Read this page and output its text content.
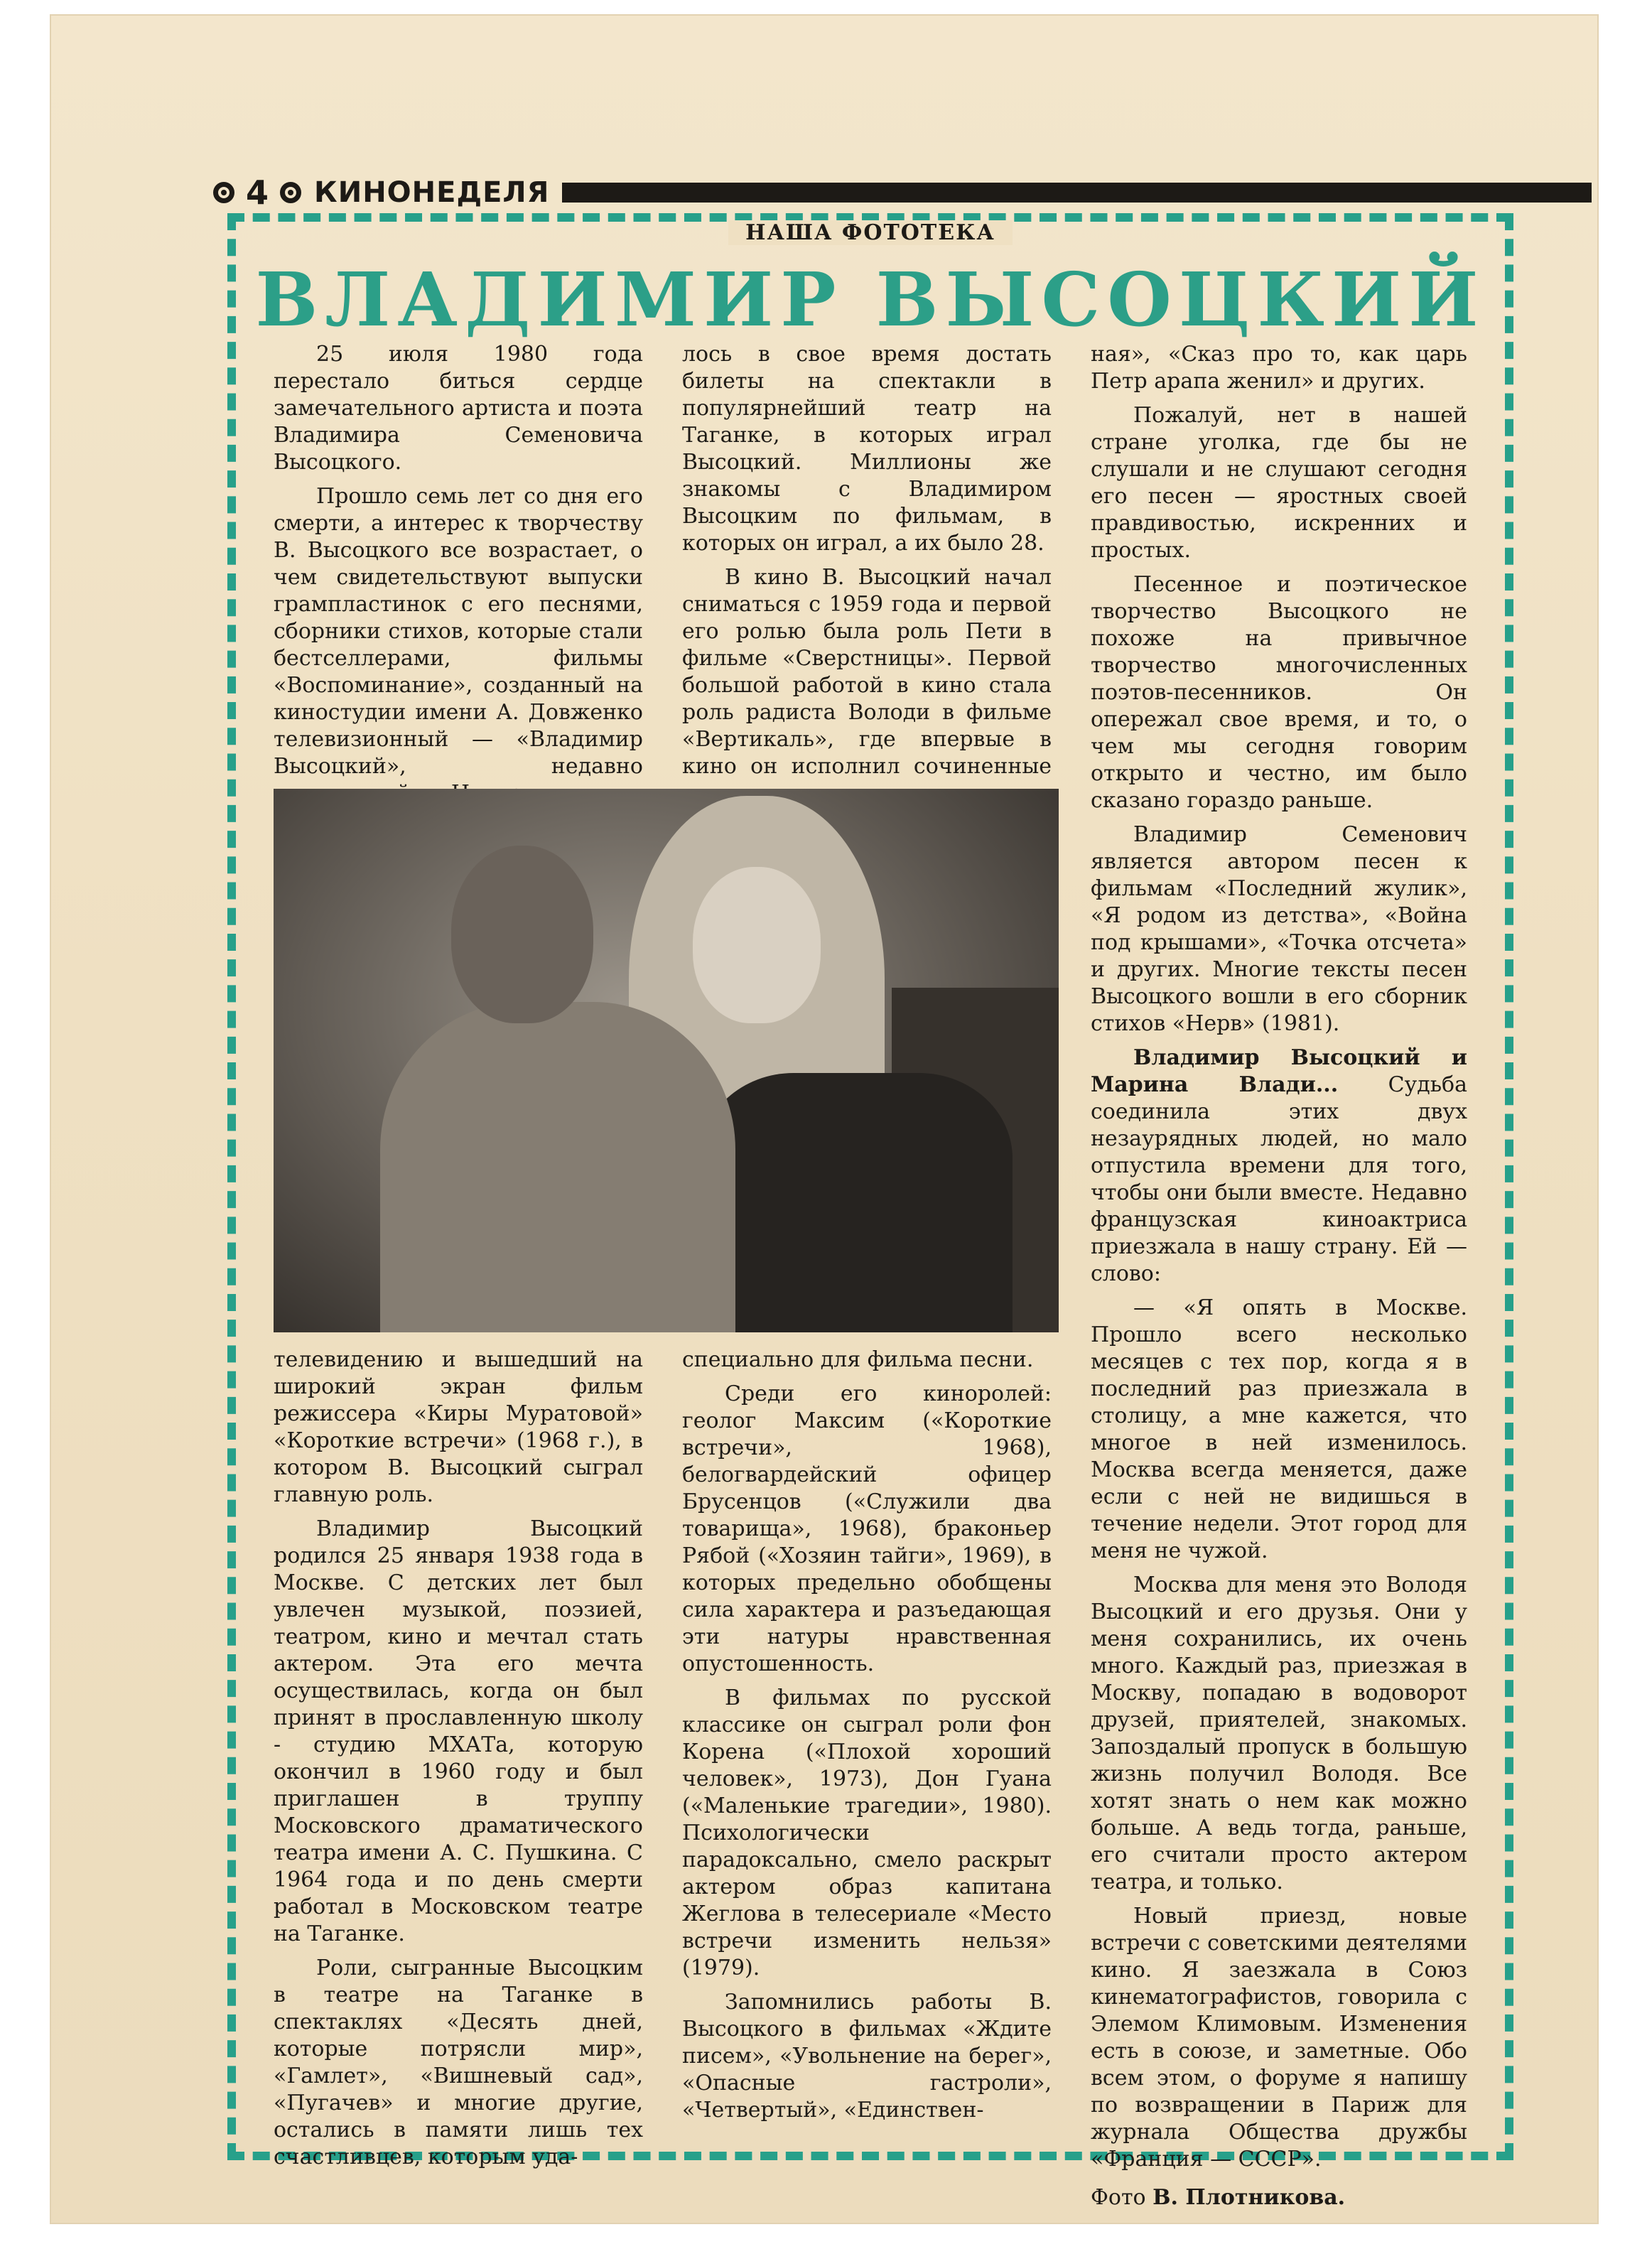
4 КИНОНЕДЕЛЯ
НАША ФОТОТЕКА
ВЛАДИМИР ВЫСОЦКИЙ

25 июля 1980 года перестало биться сердце замечательного артиста и поэта Владимира Семеновича Высоцкого.

Прошло семь лет со дня его смерти, а интерес к творчеству В. Высоцкого все возрастает, о чем свидетельствуют выпуски грампластинок с его песнями, сборники стихов, которые стали бестселлерами, фильмы «Воспоминание», созданный на киностудии имени А. Довженко телевизионный — «Владимир Высоцкий», недавно

лось в свое время достать билеты на спектакли в популярнейший театр на Таганке, в которых играл Высоцкий. Миллионы же знакомы с Владимиром Высоцким по фильмам, в которых он играл, а их было 28.

В кино В. Высоцкий начал сниматься с 1959 года и первой его ролью была роль Пети в фильме «Сверстницы». Первой большой работой в кино стала роль радиста Володи в фильме «Вертикаль», где впервые в кино он исполнил сочиненные

телевидению и вышедший на широкий экран фильм режиссера «Киры Муратовой» «Короткие встречи» (1968 г.), в котором В. Высоцкий сыграл главную роль.

Владимир Высоцкий родился 25 января 1938 года в Москве. С детских лет был увлечен музыкой, поэзией, театром, кино и мечтал стать актером. Эта его мечта осуществилась, когда он был принят в прославленную школу - студию МХАТа, которую окончил в 1960 году и был приглашен в труппу Московского драматического театра имени А. С. Пушкина. С 1964 года и по день смерти работал в Московском театре на Таганке.

Роли, сыгранные Высоцким в театре на Таганке в спектаклях «Десять дней, которые потрясли мир», «Гамлет», «Вишневый сад», «Пугачев» и многие другие, остались в памяти лишь тех счастливцев, которым уда-

специально для фильма песни.

Среди его киноролей: геолог Максим («Короткие встречи», 1968), белогвардейский офицер Брусенцов («Служили два товарища», 1968), браконьер Рябой («Хозяин тайги», 1969), в которых предельно обобщены сила характера и разъедающая эти натуры нравственная опустошенность.

В фильмах по русской классике он сыграл роли фон Корена («Плохой хороший человек», 1973), Дон Гуана («Маленькие трагедии», 1980). Психологически парадоксально, смело раскрыт актером образ капитана Жеглова в телесериале «Место встречи изменить нельзя» (1979).

Запомнились работы В. Высоцкого в фильмах «Ждите писем», «Увольнение на берег», «Опасные гастроли», «Четвертый», «Единствен-

ная», «Сказ про то, как царь Петр арапа женил» и других.

Пожалуй, нет в нашей стране уголка, где бы не слушали и не слушают сегодня его песен — яростных своей правдивостью, искренних и простых.

Песенное и поэтическое творчество Высоцкого не похоже на привычное творчество многочисленных поэтов-песенников. Он опережал свое время, и то, о чем мы сегодня говорим открыто и честно, им было сказано гораздо раньше.

Владимир Семенович является автором песен к фильмам «Последний жулик», «Я родом из детства», «Война под крышами», «Точка отсчета» и других. Многие тексты песен Высоцкого вошли в его сборник стихов «Нерв» (1981).

Владимир Высоцкий и Марина Влади... Судьба соединила этих двух незаурядных людей, но мало отпустила времени для того, чтобы они были вместе. Недавно французская киноактриса приезжала в нашу страну. Ей — слово:

— «Я опять в Москве. Прошло всего несколько месяцев с тех пор, когда я в последний раз приезжала в столицу, а мне кажется, что многое в ней изменилось. Москва всегда меняется, даже если с ней не видишься в течение недели. Этот город для меня не чужой.

Москва для меня это Володя Высоцкий и его друзья. Они у меня сохранились, их очень много. Каждый раз, приезжая в Москву, попадаю в водоворот друзей, приятелей, знакомых. Запоздалый пропуск в большую жизнь получил Володя. Все хотят знать о нем как можно больше. А ведь тогда, раньше, его считали просто актером театра, и только.

Новый приезд, новые встречи с советскими деятелями кино. Я заезжала в Союз кинематографистов, говорила с Элемом Климовым. Изменения есть в союзе, и заметные. Обо всем этом, о форуме я напишу по возвращении в Париж для журнала Общества дружбы «Франция — СССР».

Фото В. Плотникова.
